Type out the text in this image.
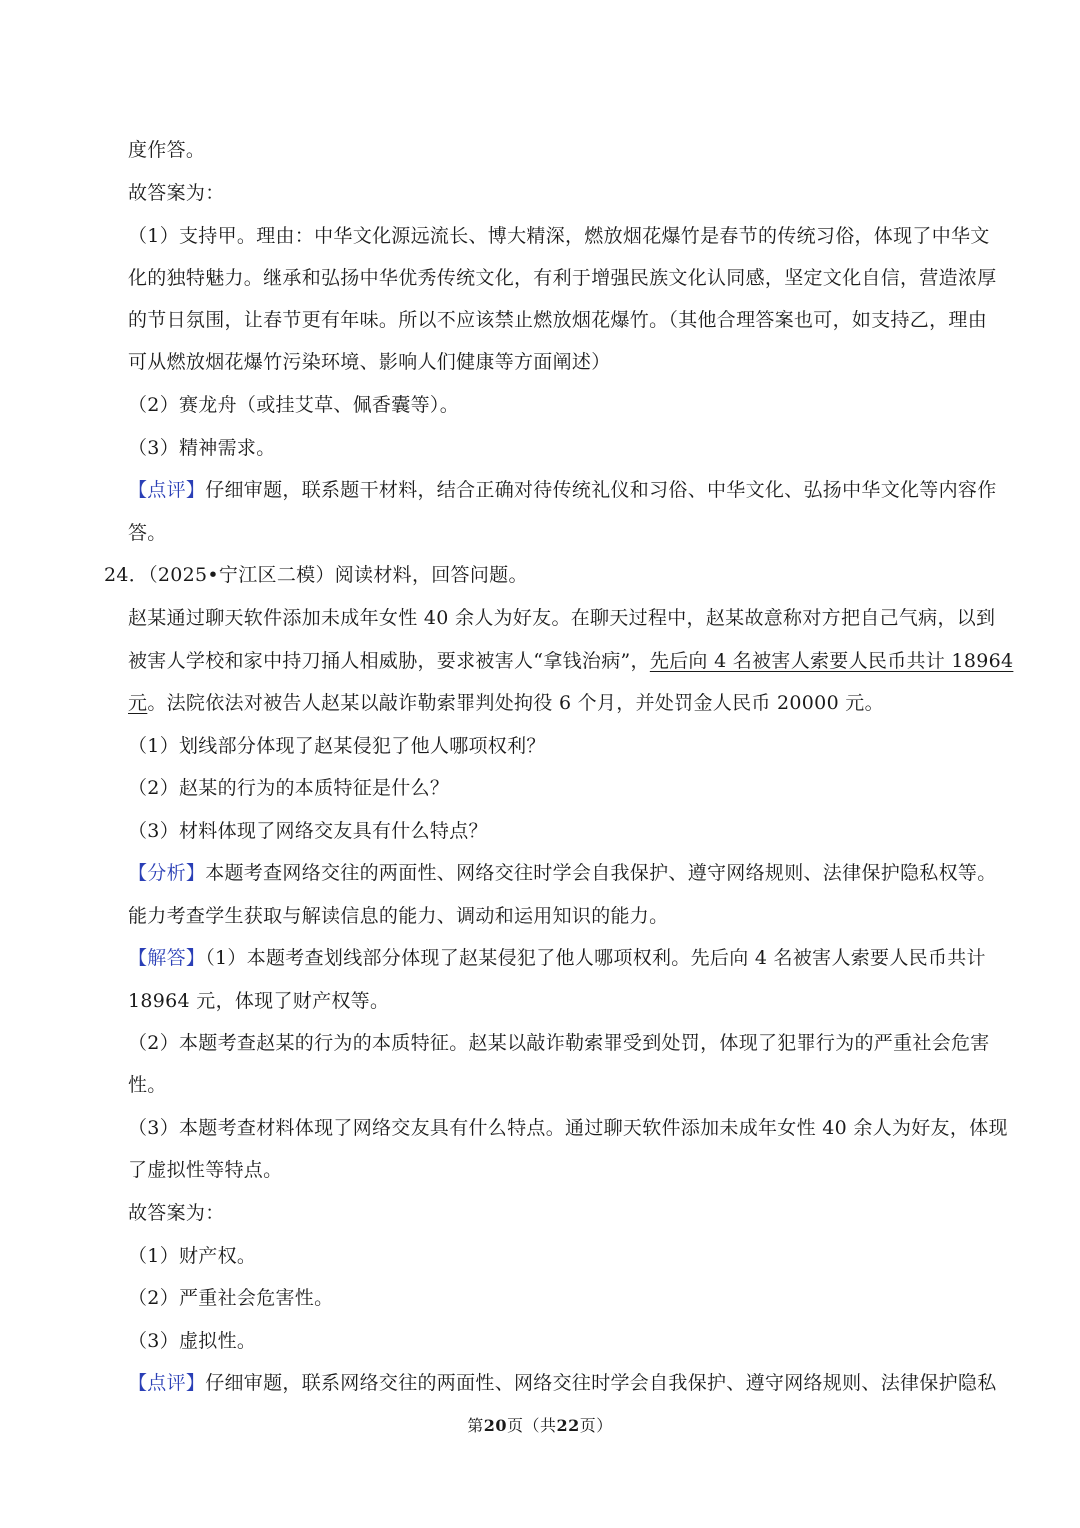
度作答。
故答案为：
（1）支持甲。理由：中华文化源远流长、博大精深，燃放烟花爆竹是春节的传统习俗，体现了中华文
化的独特魅力。继承和弘扬中华优秀传统文化，有利于增强民族文化认同感，坚定文化自信，营造浓厚
的节日氛围，让春节更有年味。所以不应该禁止燃放烟花爆竹。（其他合理答案也可，如支持乙，理由
可从燃放烟花爆竹污染环境、影响人们健康等方面阐述）
（2）赛龙舟（或挂艾草、佩香囊等）。
（3）精神需求。
【点评】仔细审题，联系题干材料，结合正确对待传统礼仪和习俗、中华文化、弘扬中华文化等内容作
答。
24．（2025•宁江区二模）阅读材料，回答问题。
赵某通过聊天软件添加未成年女性 40 余人为好友。在聊天过程中，赵某故意称对方把自己气病，以到
被害人学校和家中持刀捅人相威胁，要求被害人“拿钱治病”，先后向 4 名被害人索要人民币共计 18964
元。法院依法对被告人赵某以敲诈勒索罪判处拘役 6 个月，并处罚金人民币 20000 元。
（1）划线部分体现了赵某侵犯了他人哪项权利？
（2）赵某的行为的本质特征是什么？
（3）材料体现了网络交友具有什么特点？
【分析】本题考查网络交往的两面性、网络交往时学会自我保护、遵守网络规则、法律保护隐私权等。
能力考查学生获取与解读信息的能力、调动和运用知识的能力。
【解答】（1）本题考查划线部分体现了赵某侵犯了他人哪项权利。先后向 4 名被害人索要人民币共计
18964 元，体现了财产权等。
（2）本题考查赵某的行为的本质特征。赵某以敲诈勒索罪受到处罚，体现了犯罪行为的严重社会危害
性。
（3）本题考查材料体现了网络交友具有什么特点。通过聊天软件添加未成年女性 40 余人为好友，体现
了虚拟性等特点。
故答案为：
（1）财产权。
（2）严重社会危害性。
（3）虚拟性。
【点评】仔细审题，联系网络交往的两面性、网络交往时学会自我保护、遵守网络规则、法律保护隐私
第20页（共22页）
